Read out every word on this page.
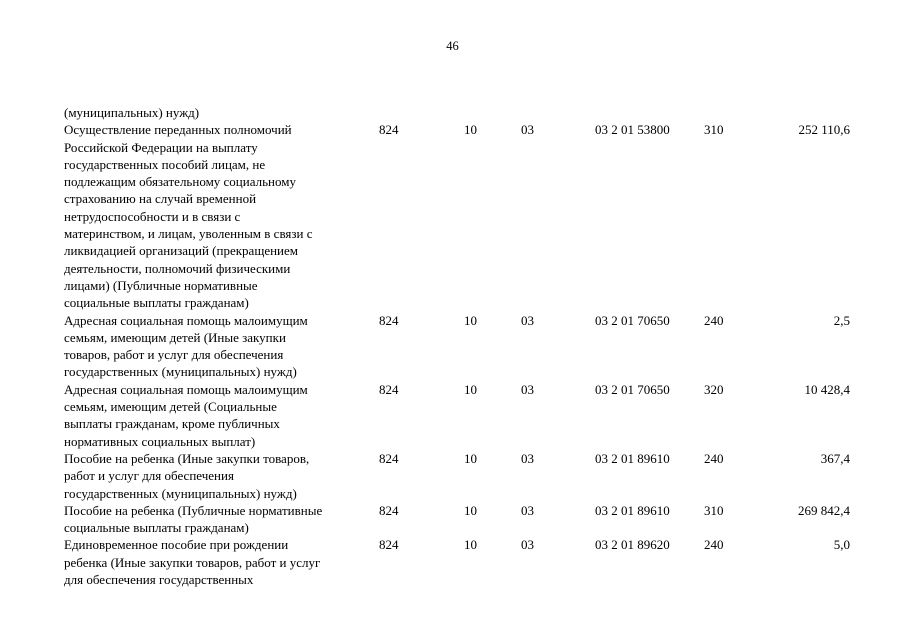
46
(муниципальных) нужд)
Осуществление переданных полномочий
Российской Федерации на выплату
государственных пособий лицам, не
подлежащим обязательному социальному
страхованию на случай временной
нетрудоспособности и в связи с
материнством, и лицам, уволенным в связи с
ликвидацией организаций (прекращением
деятельности, полномочий физическими
лицами) (Публичные нормативные
социальные выплаты гражданам)
824	10	03	03 2 01 53800	310	252 110,6
Адресная социальная помощь малоимущим
семьям, имеющим детей (Иные закупки
товаров, работ и услуг для обеспечения
государственных (муниципальных) нужд)
824	10	03	03 2 01 70650	240	2,5
Адресная социальная помощь малоимущим
семьям, имеющим детей (Социальные
выплаты гражданам, кроме публичных
нормативных социальных выплат)
824	10	03	03 2 01 70650	320	10 428,4
Пособие на ребенка (Иные закупки товаров,
работ и услуг для обеспечения
государственных (муниципальных) нужд)
824	10	03	03 2 01 89610	240	367,4
Пособие на ребенка (Публичные нормативные
социальные выплаты гражданам)
824	10	03	03 2 01 89610	310	269 842,4
Единовременное пособие при рождении
ребенка (Иные закупки товаров, работ и услуг
для обеспечения государственных
824	10	03	03 2 01 89620	240	5,0
